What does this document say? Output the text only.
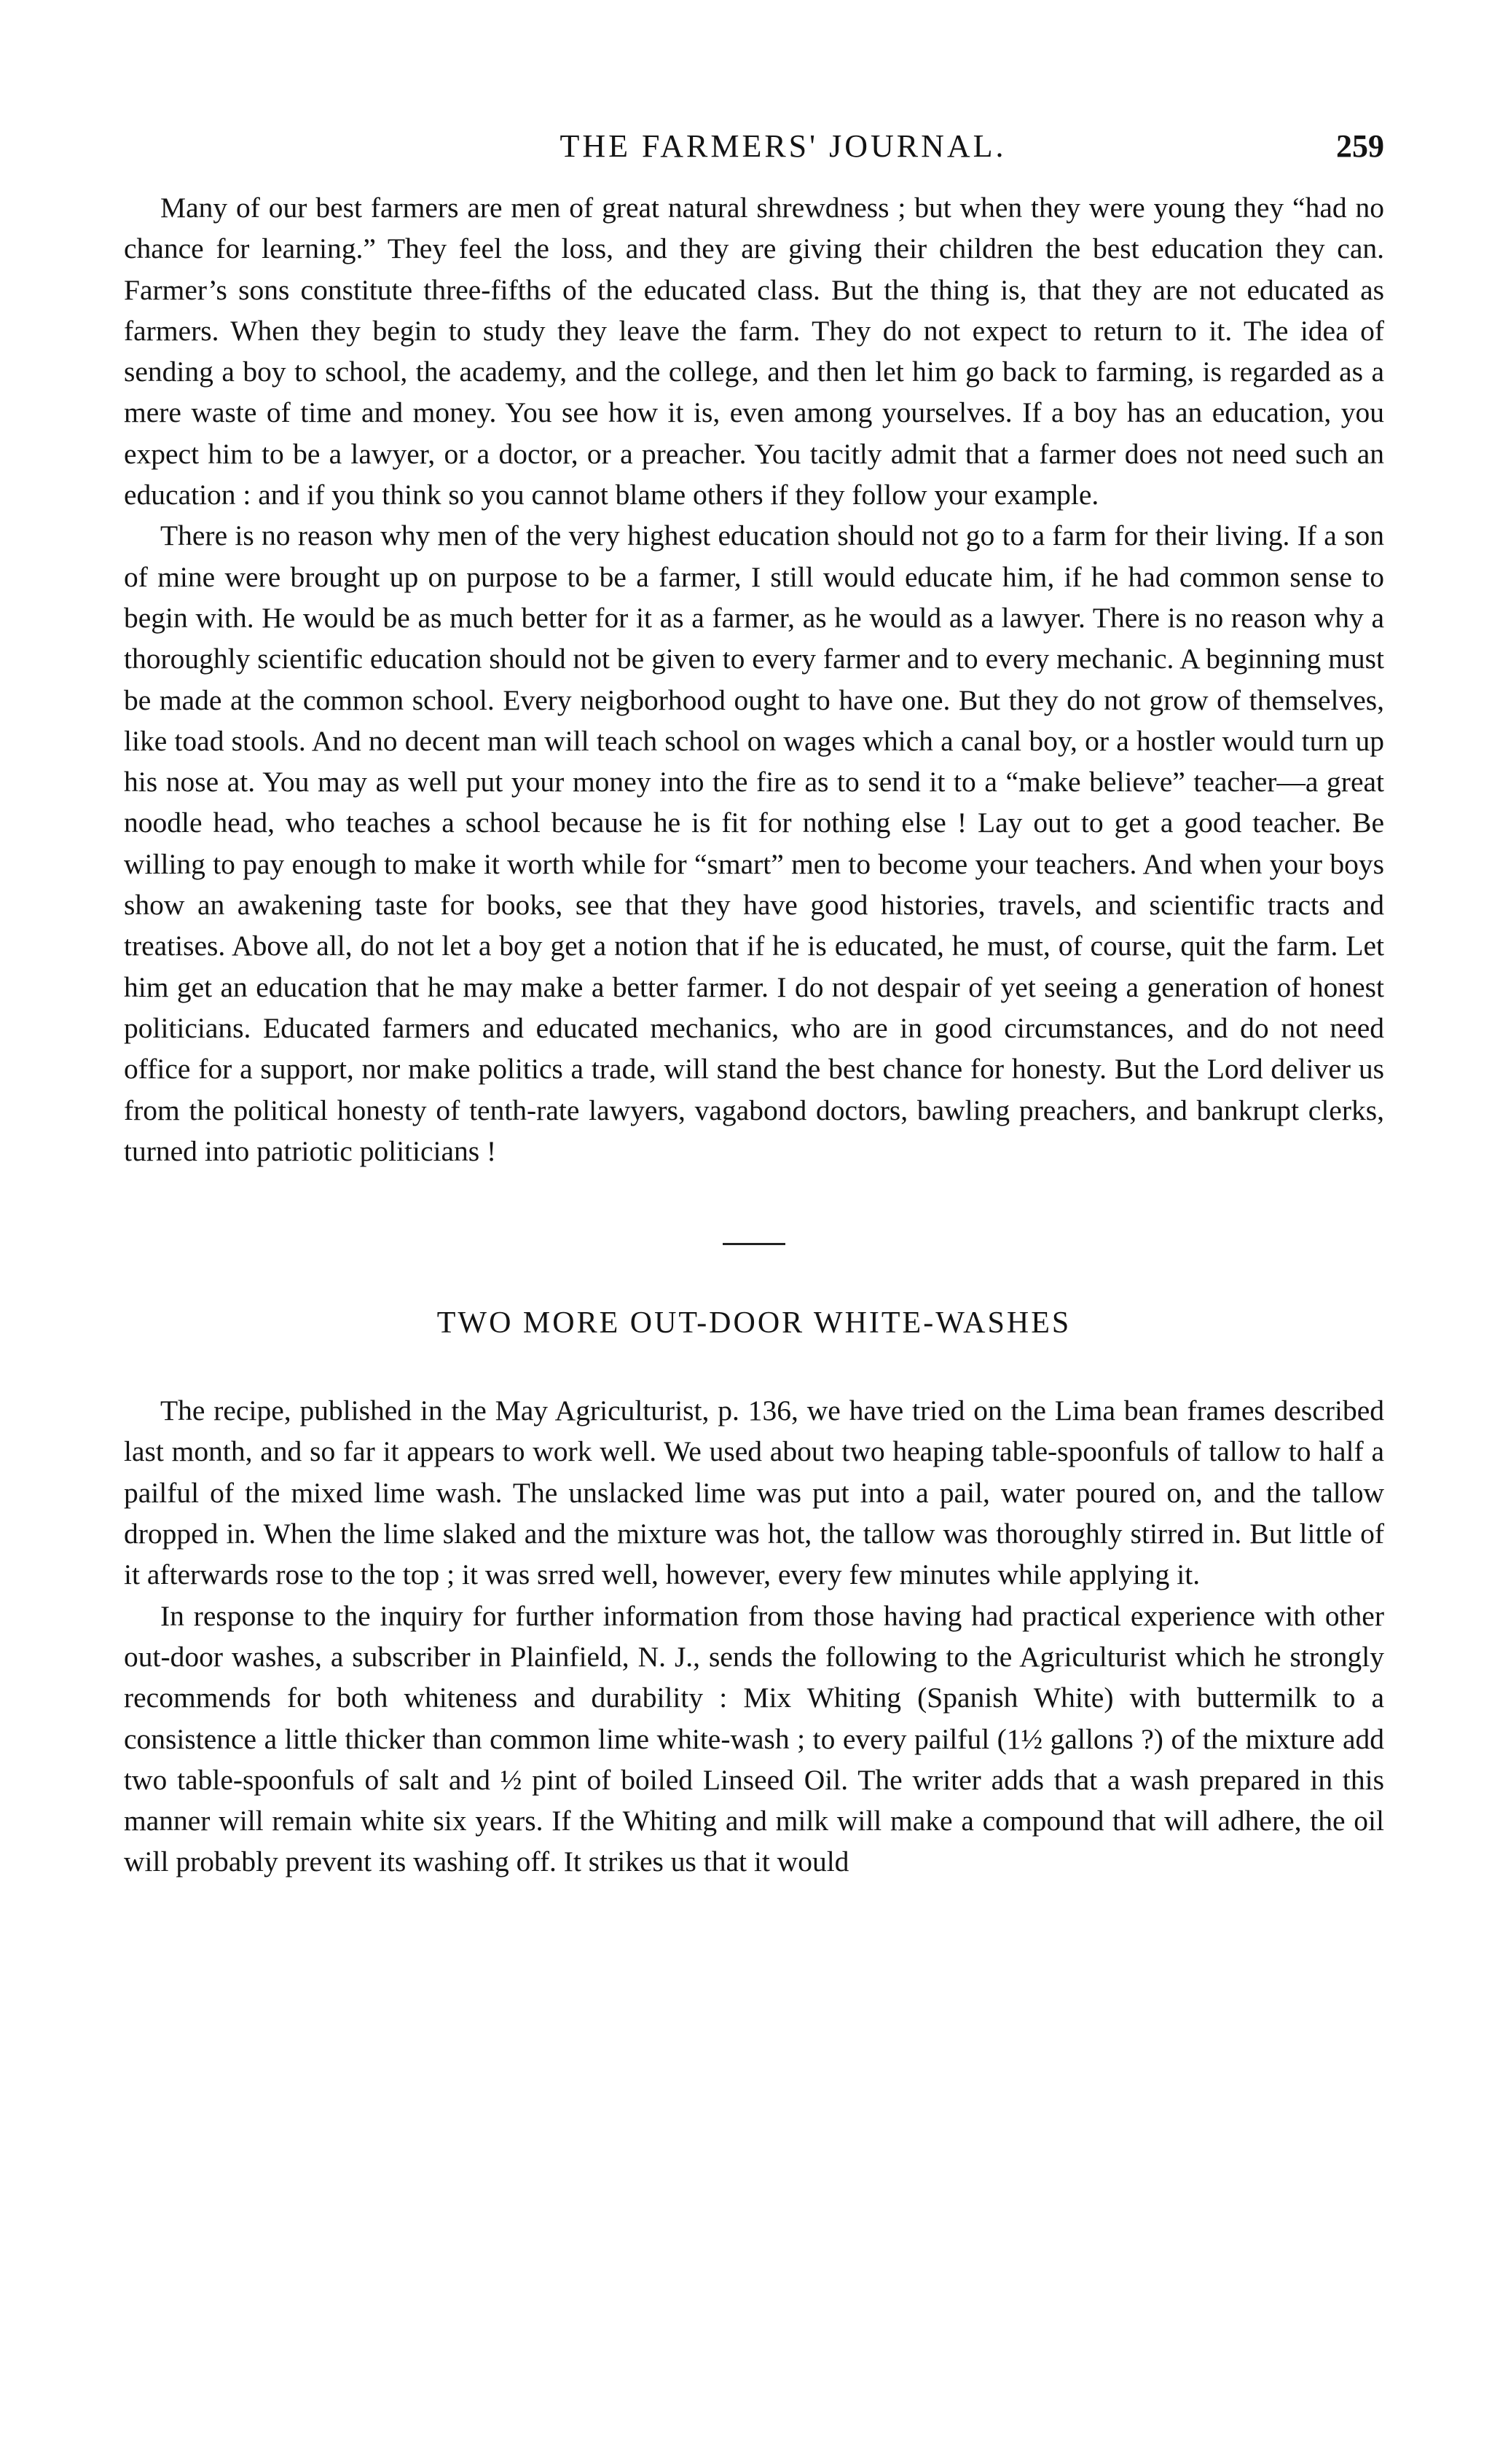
THE FARMERS' JOURNAL.	259

Many of our best farmers are men of great natural shrewdness ; but when they were young they “had no chance for learning.” They feel the loss, and they are giving their children the best education they can. Farmer’s sons constitute three-fifths of the educated class. But the thing is, that they are not educated as farmers. When they begin to study they leave the farm. They do not expect to return to it. The idea of sending a boy to school, the academy, and the college, and then let him go back to farming, is regarded as a mere waste of time and money. You see how it is, even among yourselves. If a boy has an education, you expect him to be a lawyer, or a doctor, or a preacher. You tacitly admit that a farmer does not need such an education : and if you think so you cannot blame others if they follow your example.

There is no reason why men of the very highest education should not go to a farm for their living. If a son of mine were brought up on purpose to be a farmer, I still would educate him, if he had common sense to begin with. He would be as much better for it as a farmer, as he would as a lawyer. There is no reason why a thoroughly scientific education should not be given to every farmer and to every mechanic. A beginning must be made at the common school. Every neigborhood ought to have one. But they do not grow of themselves, like toad stools. And no decent man will teach school on wages which a canal boy, or a hostler would turn up his nose at. You may as well put your money into the fire as to send it to a “make believe” teacher—a great noodle head, who teaches a school because he is fit for nothing else ! Lay out to get a good teacher. Be willing to pay enough to make it worth while for “smart” men to become your teachers. And when your boys show an awakening taste for books, see that they have good histories, travels, and scientific tracts and treatises. Above all, do not let a boy get a notion that if he is educated, he must, of course, quit the farm. Let him get an education that he may make a better farmer. I do not despair of yet seeing a generation of honest politicians. Educated farmers and educated mechanics, who are in good circumstances, and do not need office for a support, nor make politics a trade, will stand the best chance for honesty. But the Lord deliver us from the political honesty of tenth-rate lawyers, vagabond doctors, bawling preachers, and bankrupt clerks, turned into patriotic politicians !

TWO MORE OUT-DOOR WHITE-WASHES

The recipe, published in the May Agriculturist, p. 136, we have tried on the Lima bean frames described last month, and so far it appears to work well. We used about two heaping table-spoonfuls of tallow to half a pailful of the mixed lime wash. The unslacked lime was put into a pail, water poured on, and the tallow dropped in. When the lime slaked and the mixture was hot, the tallow was thoroughly stirred in. But little of it afterwards rose to the top ; it was srred well, however, every few minutes while applying it.

In response to the inquiry for further information from those having had practical experience with other out-door washes, a subscriber in Plainfield, N. J., sends the following to the Agriculturist which he strongly recommends for both whiteness and durability : Mix Whiting (Spanish White) with buttermilk to a consistence a little thicker than common lime white-wash ; to every pailful (1½ gallons ?) of the mixture add two table-spoonfuls of salt and ½ pint of boiled Linseed Oil. The writer adds that a wash prepared in this manner will remain white six years. If the Whiting and milk will make a compound that will adhere, the oil will probably prevent its washing off. It strikes us that it would
